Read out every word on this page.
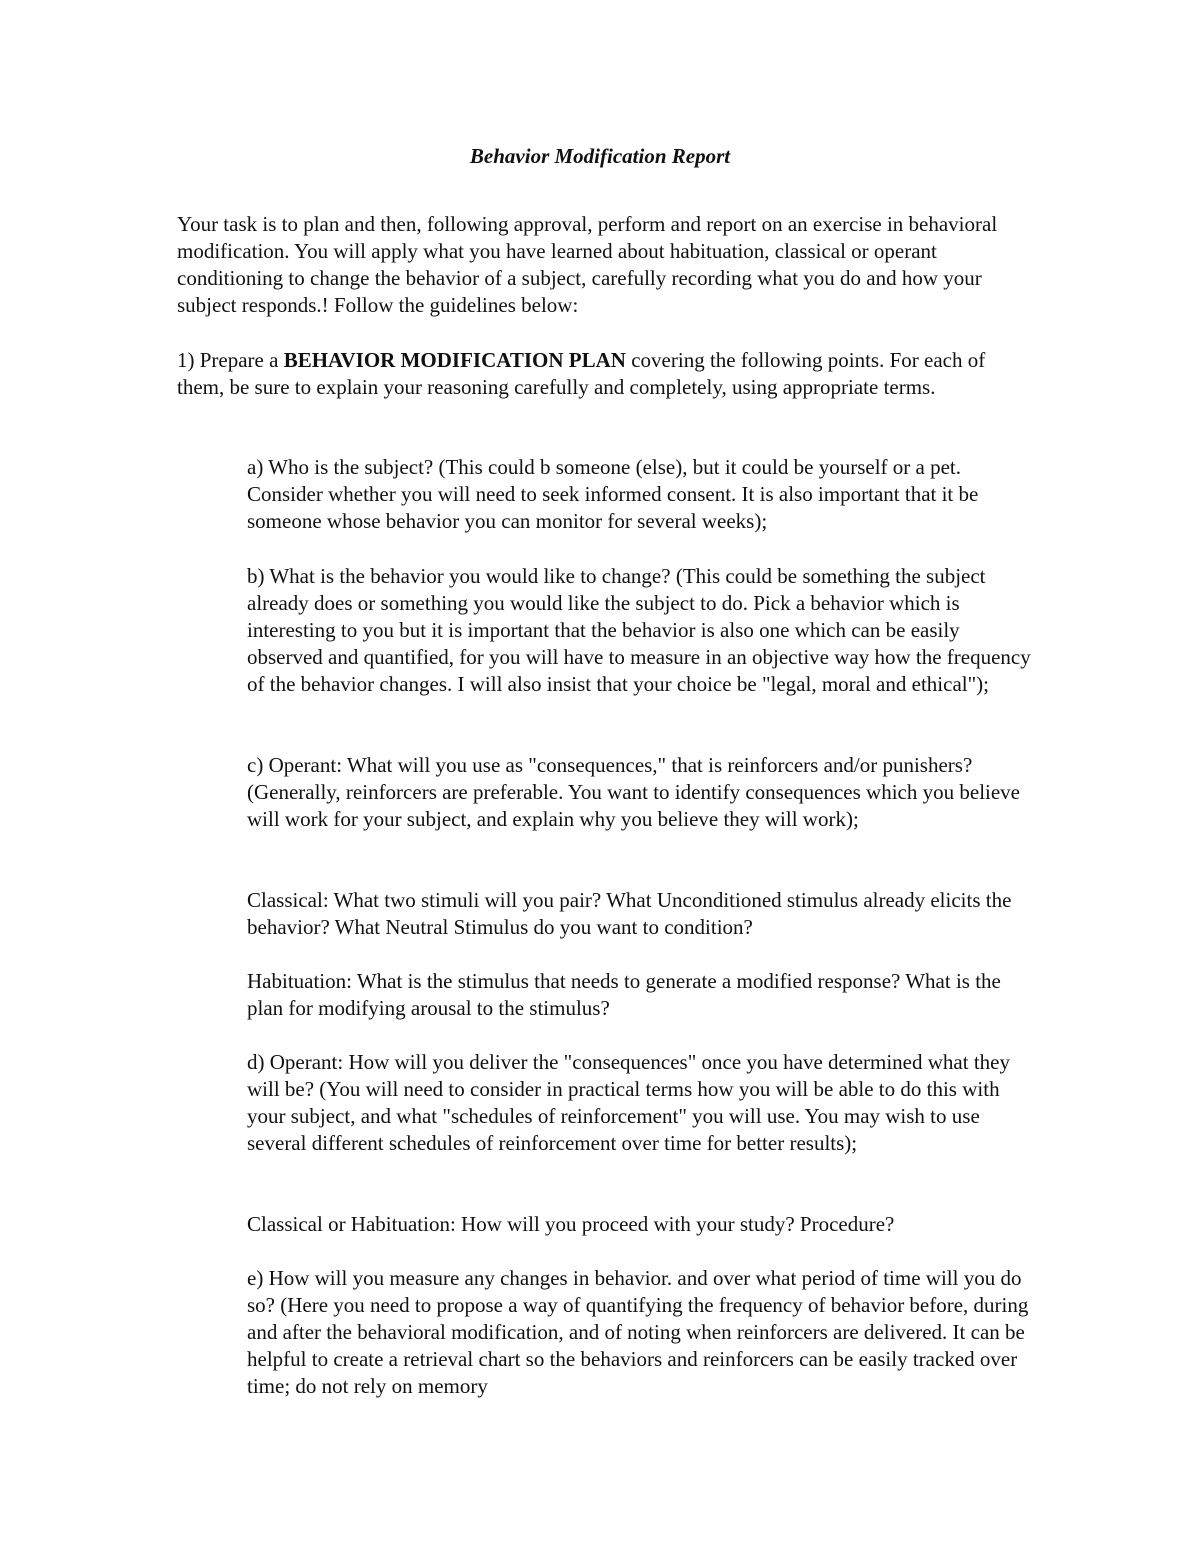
Behavior Modification Report

Your task is to plan and then, following approval, perform and report on an exercise in behavioral modification. You will apply what you have learned about habituation, classical or operant conditioning to change the behavior of a subject, carefully recording what you do and how your subject responds.! Follow the guidelines below:

1) Prepare a BEHAVIOR MODIFICATION PLAN covering the following points. For each of them, be sure to explain your reasoning carefully and completely, using appropriate terms.

a) Who is the subject? (This could b someone (else), but it could be yourself or a pet. Consider whether you will need to seek informed consent. It is also important that it be someone whose behavior you can monitor for several weeks);

b) What is the behavior you would like to change? (This could be something the subject already does or something you would like the subject to do. Pick a behavior which is interesting to you but it is important that the behavior is also one which can be easily observed and quantified, for you will have to measure in an objective way how the frequency of the behavior changes. I will also insist that your choice be "legal, moral and ethical");

c) Operant: What will you use as "consequences," that is reinforcers and/or punishers? (Generally, reinforcers are preferable. You want to identify consequences which you believe will work for your subject, and explain why you believe they will work);

Classical: What two stimuli will you pair? What Unconditioned stimulus already elicits the behavior? What Neutral Stimulus do you want to condition?

Habituation: What is the stimulus that needs to generate a modified response? What is the plan for modifying arousal to the stimulus?

d) Operant: How will you deliver the "consequences" once you have determined what they will be? (You will need to consider in practical terms how you will be able to do this with your subject, and what "schedules of reinforcement" you will use. You may wish to use several different schedules of reinforcement over time for better results);

Classical or Habituation: How will you proceed with your study? Procedure?

e) How will you measure any changes in behavior. and over what period of time will you do so? (Here you need to propose a way of quantifying the frequency of behavior before, during and after the behavioral modification, and of noting when reinforcers are delivered. It can be helpful to create a retrieval chart so the behaviors and reinforcers can be easily tracked over time; do not rely on memory
